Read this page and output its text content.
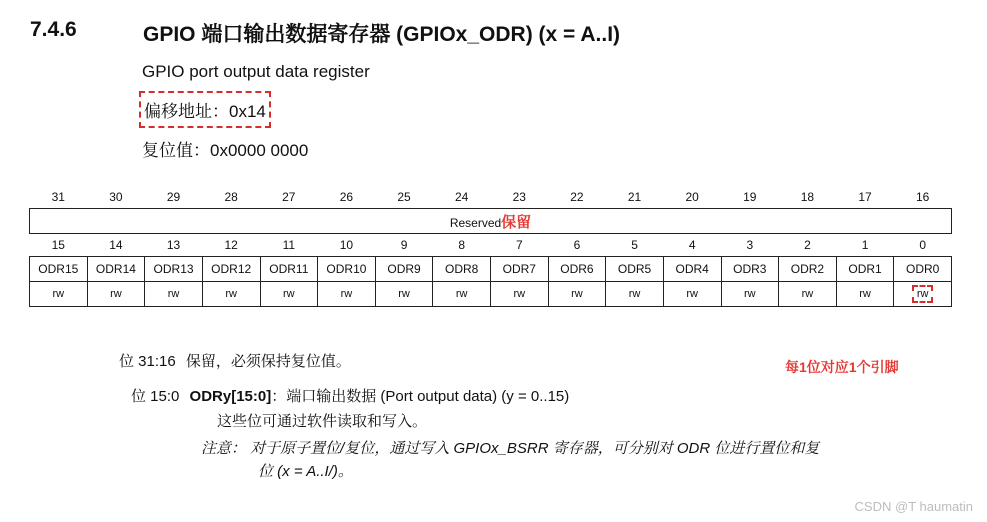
7.4.6	GPIO 端口输出数据寄存器 (GPIOx_ODR) (x = A..I)
GPIO port output data register
偏移地址：0x14
复位值：0x0000 0000
31	30	29	28	27	26	25	24	23	22	21	20	19	18	17	16
Reserved保留															
15	14	13	12	11	10	9	8	7	6	5	4	3	2	1	0
ODR15	ODR14	ODR13	ODR12	ODR11	ODR10	ODR9	ODR8	ODR7	ODR6	ODR5	ODR4	ODR3	ODR2	ODR1	ODR0
rw	rw	rw	rw	rw	rw	rw	rw	rw	rw	rw	rw	rw	rw	rw	rw
位 31:16 保留，必须保持复位值。	每1位对应1个引脚
位 15:0 ODRy[15:0]：端口输出数据 (Port output data) (y = 0..15)
这些位可通过软件读取和写入。
注意： 对于原子置位/复位，通过写入 GPIOx_BSRR 寄存器，可分别对 ODR 位进行置位和复
位 (x = A..I/)。
CSDN @T haumatin
